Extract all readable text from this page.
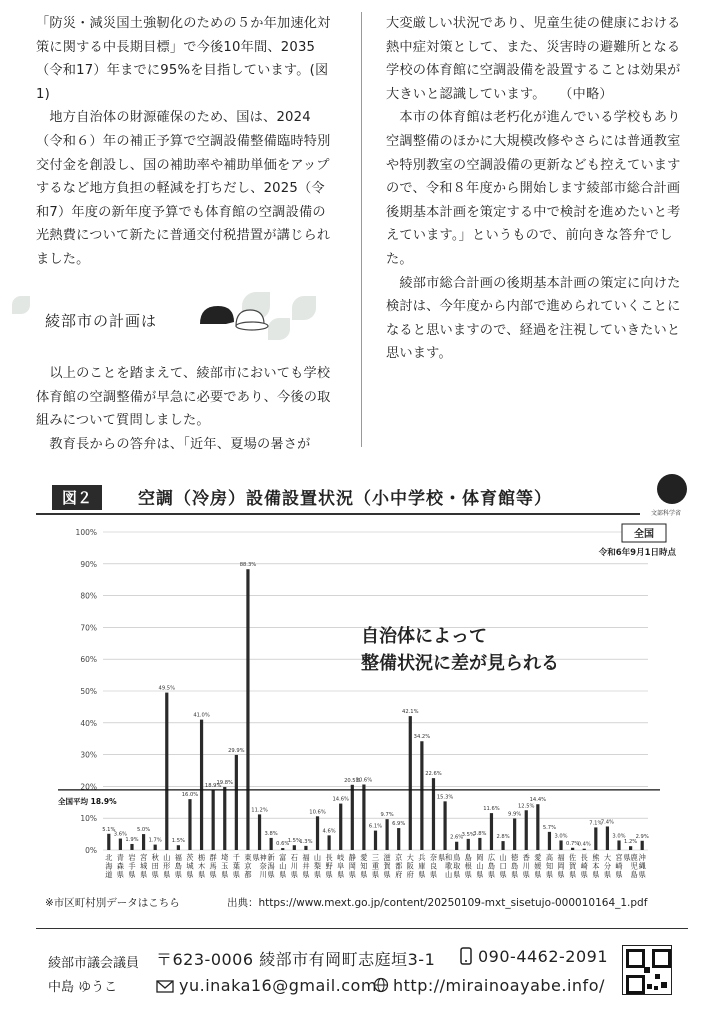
「防災・減災国土強靭化のための５か年加速化対策に関する中長期目標」で今後10年間、2035（令和17）年までに95%を目指しています。(図1)

　地方自治体の財源確保のため、国は、2024（令和６）年の補正予算で空調設備整備臨時特別交付金を創設し、国の補助率や補助単価をアップするなど地方負担の軽減を打ちだし、2025（令和7）年度の新年度予算でも体育館の空調設備の光熱費について新たに普通交付税措置が講じられました。

綾部市の計画は

　以上のことを踏まえて、綾部市においても学校体育館の空調整備が早急に必要であり、今後の取組みについて質問しました。

　教育長からの答弁は、「近年、夏場の暑さが

大変厳しい状況であり、児童生徒の健康における熱中症対策として、また、災害時の避難所となる学校の体育館に空調設備を設置することは効果が大きいと認識しています。　　（中略）

　本市の体育館は老朽化が進んでいる学校もあり空調整備のほかに大規模改修やさらには普通教室や特別教室の空調設備の更新なども控えていますので、令和８年度から開始します綾部市総合計画後期基本計画を策定する中で検討を進めたいと考えています。」というもので、前向きな答弁でした。

　綾部市総合計画の後期基本計画の策定に向けた検討は、今年度から内部で進められていくことになると思いますので、経過を注視していきたいと思います。

図２	空調（冷房）設備設置状況（小中学校・体育館等）
文部科学省
0%
10%
20%
30%
40%
50%
60%
70%
80%
90%
100%
5.1%
3.6%
1.9%
5.0%
1.7%
49.5%
1.5%
16.0%
41.0%
18.9%
19.8%
29.9%
88.3%
11.2%
3.8%
0.6%
1.5%
1.3%
10.6%
4.6%
14.6%
20.5%
20.6%
6.1%
9.7%
6.9%
42.1%
34.2%
22.6%
15.3%
2.6%
3.5%
3.8%
11.6%
2.8%
9.9%
12.5%
14.4%
5.7%
3.0%
0.7%
0.4%
7.1%
7.4%
3.0%
1.2%
2.9%
北海道
青森県
岩手県
宮城県
秋田県
山形県
福島県
茨城県
栃木県
群馬県
埼玉県
千葉県
東京都
神奈川
県 新潟県
富山県
石川県
福井県
山梨県
長野県
岐阜県
静岡県
愛知県
三重県
滋賀県
京都府
大阪府
兵庫県
奈良県
和歌山
県 鳥取県
島根県
岡山県
広島県
山口県
徳島県
香川県
愛媛県
高知県
福岡県
佐賀県
長崎県
熊本県
大分県
宮崎県
鹿児島
県 沖縄県
全国平均 18.9%
全国
令和6年9月1日時点
自治体によって
整備状況に差が見られる
※市区町村別データはこちら	出典：https://www.mext.go.jp/content/20250109-mxt_sisetujo-000010164_1.pdf
綾部市議会議員
中島 ゆうこ
〒623-0006 綾部市有岡町志庭垣3-1	090-4462-2091
yu.inaka16@gmail.com http://mirainoayabe.info/
